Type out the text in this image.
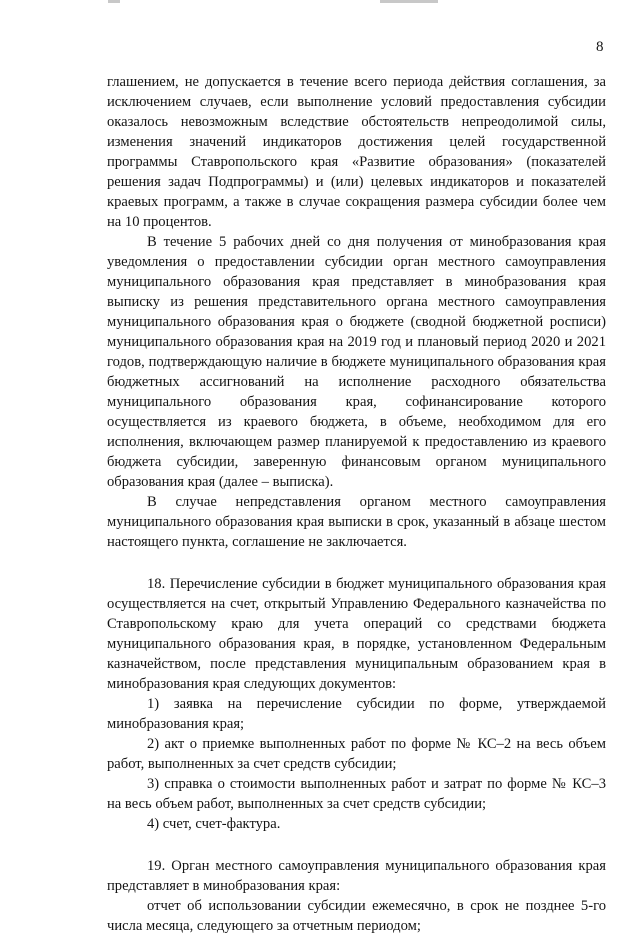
8

глашением, не допускается в течение всего периода действия соглашения, за исключением случаев, если выполнение условий предоставления субсидии оказалось невозможным вследствие обстоятельств непреодолимой силы, изменения значений индикаторов достижения целей государственной программы Ставропольского края «Развитие образования» (показателей решения задач Подпрограммы) и (или) целевых индикаторов и показателей краевых программ, а также в случае сокращения размера субсидии более чем на 10 процентов.

В течение 5 рабочих дней со дня получения от минобразования края уведомления о предоставлении субсидии орган местного самоуправления муниципального образования края представляет в минобразования края выписку из решения представительного органа местного самоуправления муниципального образования края о бюджете (сводной бюджетной росписи) муниципального образования края на 2019 год и плановый период 2020 и 2021 годов, подтверждающую наличие в бюджете муниципального образования края бюджетных ассигнований на исполнение расходного обязательства муниципального образования края, софинансирование которого осуществляется из краевого бюджета, в объеме, необходимом для его исполнения, включающем размер планируемой к предоставлению из краевого бюджета субсидии, заверенную финансовым органом муниципального образования края (далее – выписка).

В случае непредставления органом местного самоуправления муниципального образования края выписки в срок, указанный в абзаце шестом настоящего пункта, соглашение не заключается.

18. Перечисление субсидии в бюджет муниципального образования края осуществляется на счет, открытый Управлению Федерального казначейства по Ставропольскому краю для учета операций со средствами бюджета муниципального образования края, в порядке, установленном Федеральным казначейством, после представления муниципальным образованием края в минобразования края следующих документов:

1) заявка на перечисление субсидии по форме, утверждаемой минобразования края;

2) акт о приемке выполненных работ по форме № КС–2 на весь объем работ, выполненных за счет средств субсидии;

3) справка о стоимости выполненных работ и затрат по форме № КС–3 на весь объем работ, выполненных за счет средств субсидии;

4) счет, счет-фактура.

19. Орган местного самоуправления муниципального образования края представляет в минобразования края:

отчет об использовании субсидии ежемесячно, в срок не позднее 5-го числа месяца, следующего за отчетным периодом;
